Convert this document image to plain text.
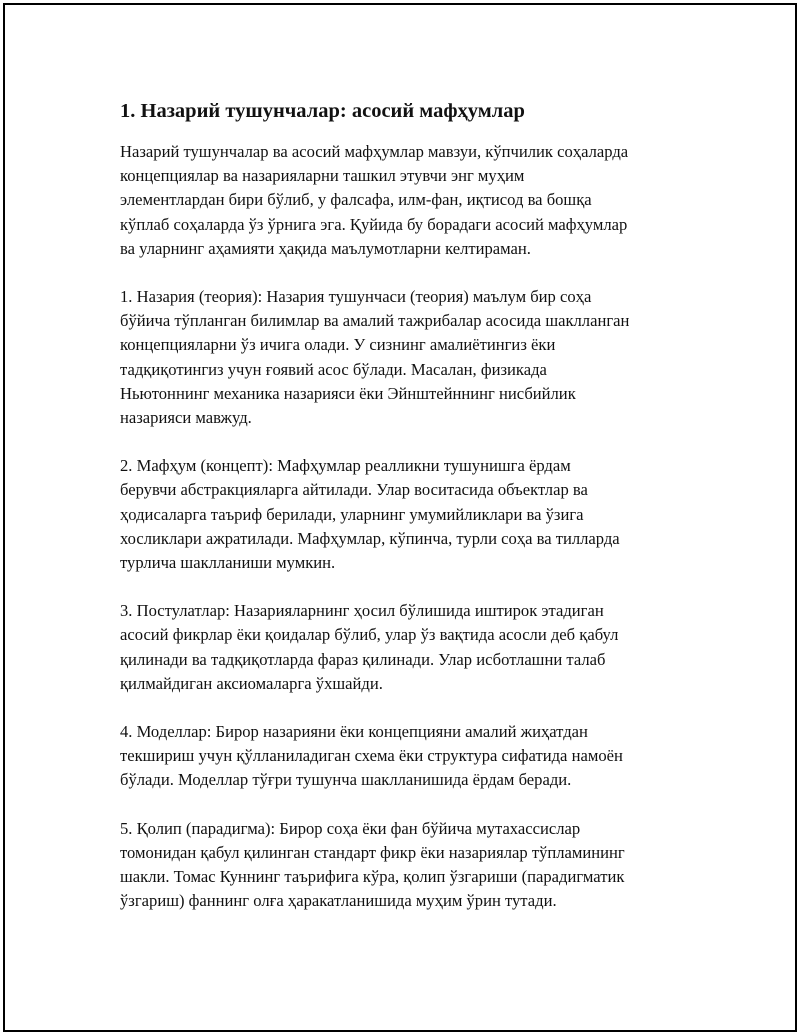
1. Назарий тушунчалар: асосий мафҳумлар
Назарий тушунчалар ва асосий мафҳумлар мавзуи, кўпчилик соҳаларда
концепциялар ва назарияларни ташкил этувчи энг муҳим
элементлардан бири бўлиб, у фалсафа, илм-фан, иқтисод ва бошқа
кўплаб соҳаларда ўз ўрнига эга. Қуйида бу борадаги асосий мафҳумлар
ва уларнинг аҳамияти ҳақида маълумотларни келтираман.
1. Назария (теория): Назария тушунчаси (теория) маълум бир соҳа
бўйича тўпланган билимлар ва амалий тажрибалар асосида шаклланган
концепцияларни ўз ичига олади. У сизнинг амалиётингиз ёки
тадқиқотингиз учун ғоявий асос бўлади. Масалан, физикада
Ньютоннинг механика назарияси ёки Эйнштейннинг нисбийлик
назарияси мавжуд.
2. Мафҳум (концепт): Мафҳумлар реалликни тушунишга ёрдам
берувчи абстракцияларга айтилади. Улар воситасида объектлар ва
ҳодисаларга таъриф берилади, уларнинг умумийликлари ва ўзига
хосликлари ажратилади. Мафҳумлар, кўпинча, турли соҳа ва тилларда
турлича шаклланиши мумкин.
3. Постулатлар: Назарияларнинг ҳосил бўлишида иштирок этадиган
асосий фикрлар ёки қоидалар бўлиб, улар ўз вақтида асосли деб қабул
қилинади ва тадқиқотларда фараз қилинади. Улар исботлашни талаб
қилмайдиган аксиомаларга ўхшайди.
4. Моделлар: Бирор назарияни ёки концепцияни амалий жиҳатдан
текшириш учун қўлланиладиган схема ёки структура сифатида намоён
бўлади. Моделлар тўғри тушунча шаклланишида ёрдам беради.
5. Қолип (парадигма): Бирор соҳа ёки фан бўйича мутахассислар
томонидан қабул қилинган стандарт фикр ёки назариялар тўпламининг
шакли. Томас Куннинг таърифига кўра, қолип ўзгариши (парадигматик
ўзгариш) фаннинг олға ҳаракатланишида муҳим ўрин тутади.
